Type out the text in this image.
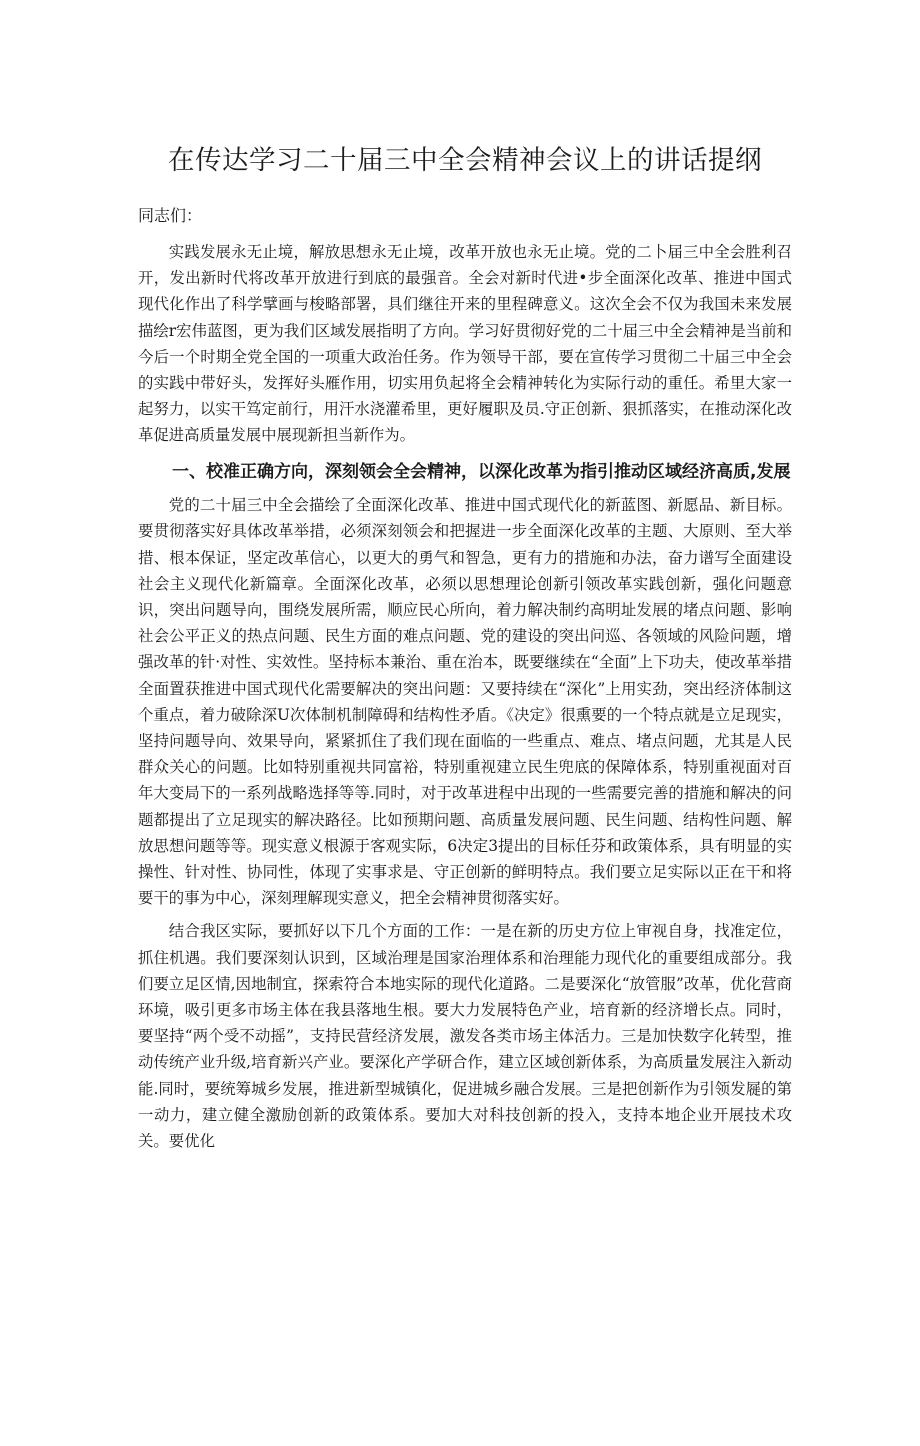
在传达学习二十届三中全会精神会议上的讲话提纲

同志们：

实践发展永无止境，解放思想永无止境，改革开放也永无止境。党的二卜届三中全会胜利召开，发出新时代将改革开放进行到底的最强音。全会对新时代进•步全面深化改革、推进中国式现代化作出了科学擘画与梭略部署，具们继往开来的里程碑意义。这次全会不仅为我国未来发展描绘r宏伟蓝图，更为我们区域发展指明了方向。学习好贯彻好党的二十届三中全会精神是当前和今后一个时期全党全国的一项重大政治任务。作为领导干部，要在宣传学习贯彻二十届三中全会的实践中带好头，发挥好头雁作用，切实用负起将全会精神转化为实际行动的重任。希里大家一起努力，以实干笃定前行，用汗水浇灌希里，更好履职及员.守正创新、狠抓落实，在推动深化改革促进高质量发展中展现新担当新作为。

一、校准正确方向，深刻领会全会精神，以深化改革为指引推动区域经济高质,发展

党的二十届三中全会描绘了全面深化改革、推进中国式现代化的新蓝图、新愿品、新目标。要贯彻落实好具体改革举措，必须深刻领会和把握进一步全面深化改革的主题、大原则、至大举措、根本保证，坚定改革信心，以更大的勇气和智急，更有力的措施和办法，奋力谱写全面建设社会主义现代化新篇章。全面深化改革，必须以思想理论创新引领改革实践创新，强化问题意识，突出问题导向，围绕发展所需，顺应民心所向，着力解决制约高明址发展的堵点问题、影响社会公平正义的热点问题、民生方面的难点问题、党的建设的突出问巡、各领域的风险问题，增强改革的针·对性、实效性。坚持标本兼治、重在治本，既要继续在“全面”上下功夫，使改革举措全面置获推进中国式现代化需要解决的突出问题：又要持续在“深化”上用实劲，突出经济体制这个重点，着力破除深U次体制机制障碍和结构性矛盾。《决定》很熏要的一个特点就是立足现实，坚持问题导向、效果导向，紧紧抓住了我们现在面临的一些重点、难点、堵点问题，尤其是人民群众关心的问题。比如特别重视共同富裕，特别重视建立民生兜底的保障体系，特别重视面对百年大变局下的一系列战略选择等等.同时，对于改革进程中出现的一些需要完善的措施和解决的问题都提出了立足现实的解决路径。比如预期问题、高质量发展问题、民生问题、结构性问题、解放思想问题等等。现实意义根源于客观实际，6决定3提出的目标任芬和政策体系，具有明显的实操性、针对性、协同性，体现了实事求是、守正创新的鲜明特点。我们要立足实际以正在干和将要干的事为中心，深刻理解现实意义，把全会精神贯彻落实好。

结合我区实际，要抓好以下几个方面的工作：一是在新的历史方位上审视自身，找准定位，抓住机遇。我们要深刻认识到，区域治理是国家治理体系和治理能力现代化的重要组成部分。我们要立足区情,因地制宜，探索符合本地实际的现代化道路。二是要深化“放管服”改革，优化营商环境，吸引更多市场主体在我县落地生根。要大力发展特色产业，培育新的经济增长点。同时，要坚持“两个受不动摇”，支持民营经济发展，激发各类市场主体活力。三是加快数字化转型，推动传统产业升级,培育新兴产业。要深化产学研合作，建立区域创新体系，为高质量发展注入新动能.同时，要统筹城乡发展，推进新型城镇化，促进城乡融合发展。三是把创新作为引领发屣的第一动力，建立健全激励创新的政策体系。要加大对科技创新的投入，支持本地企业开展技术攻关。要优化
